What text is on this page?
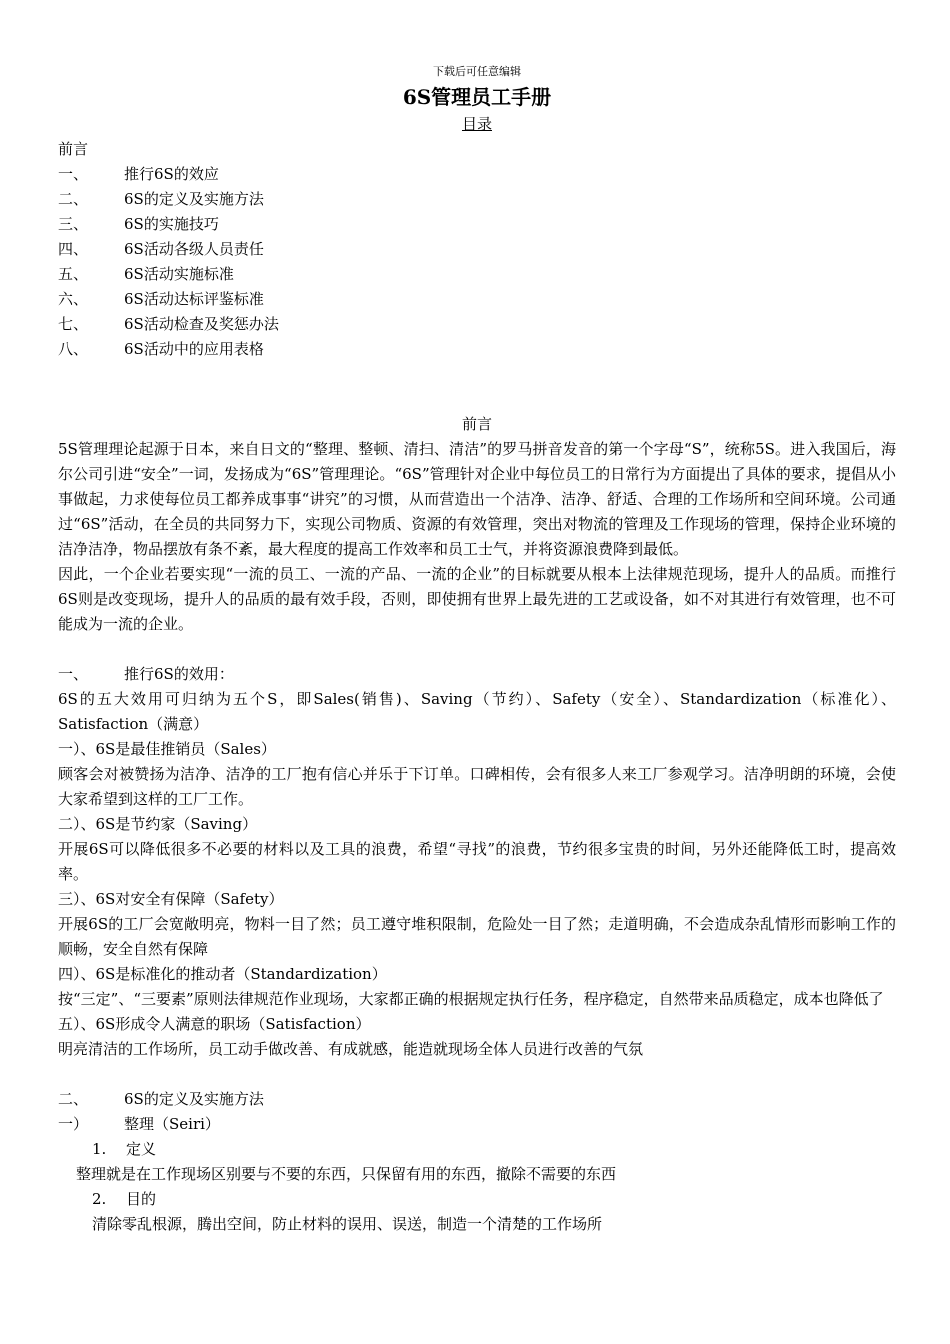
下载后可任意编辑
6S管理员工手册
目录
前言
一、	推行6S的效应
二、	6S的定义及实施方法
三、	6S的实施技巧
四、	6S活动各级人员责任
五、	6S活动实施标准
六、	6S活动达标评鉴标准
七、	6S活动检查及奖惩办法
八、	6S活动中的应用表格
前言
5S管理理论起源于日本，来自日文的“整理、整顿、清扫、清洁”的罗马拼音发音的第一个字母“S”，统称5S。进入我国后，海尔公司引进“安全”一词，发扬成为“6S”管理理论。“6S”管理针对企业中每位员工的日常行为方面提出了具体的要求，提倡从小事做起，力求使每位员工都养成事事“讲究”的习惯，从而营造出一个洁净、洁净、舒适、合理的工作场所和空间环境。公司通过“6S”活动，在全员的共同努力下，实现公司物质、资源的有效管理，突出对物流的管理及工作现场的管理，保持企业环境的洁净洁净，物品摆放有条不紊，最大程度的提高工作效率和员工士气，并将资源浪费降到最低。
因此，一个企业若要实现“一流的员工、一流的产品、一流的企业”的目标就要从根本上法律规范现场，提升人的品质。而推行6S则是改变现场，提升人的品质的最有效手段，否则，即使拥有世界上最先进的工艺或设备，如不对其进行有效管理，也不可能成为一流的企业。
一、	推行6S的效用：
6S的五大效用可归纳为五个S，即Sales(销售)、Saving（节约）、Safety（安全）、Standardization（标准化）、Satisfaction（满意）
一）、6S是最佳推销员（Sales）
顾客会对被赞扬为洁净、洁净的工厂抱有信心并乐于下订单。口碑相传，会有很多人来工厂参观学习。洁净明朗的环境，会使大家希望到这样的工厂工作。
二）、6S是节约家（Saving）
开展6S可以降低很多不必要的材料以及工具的浪费，希望“寻找”的浪费，节约很多宝贵的时间，另外还能降低工时，提高效率。
三）、6S对安全有保障（Safety）
开展6S的工厂会宽敞明亮，物料一目了然；员工遵守堆积限制，危险处一目了然；走道明确，不会造成杂乱情形而影响工作的顺畅，安全自然有保障
四）、6S是标准化的推动者（Standardization）
按“三定”、“三要素”原则法律规范作业现场，大家都正确的根据规定执行任务，程序稳定，自然带来品质稳定，成本也降低了
五）、6S形成令人满意的职场（Satisfaction）
明亮清洁的工作场所，员工动手做改善、有成就感，能造就现场全体人员进行改善的气氛
二、	6S的定义及实施方法
一）	整理（Seiri）
1.	定义
整理就是在工作现场区别要与不要的东西，只保留有用的东西，撤除不需要的东西
2.	目的
清除零乱根源，腾出空间，防止材料的误用、误送，制造一个清楚的工作场所
